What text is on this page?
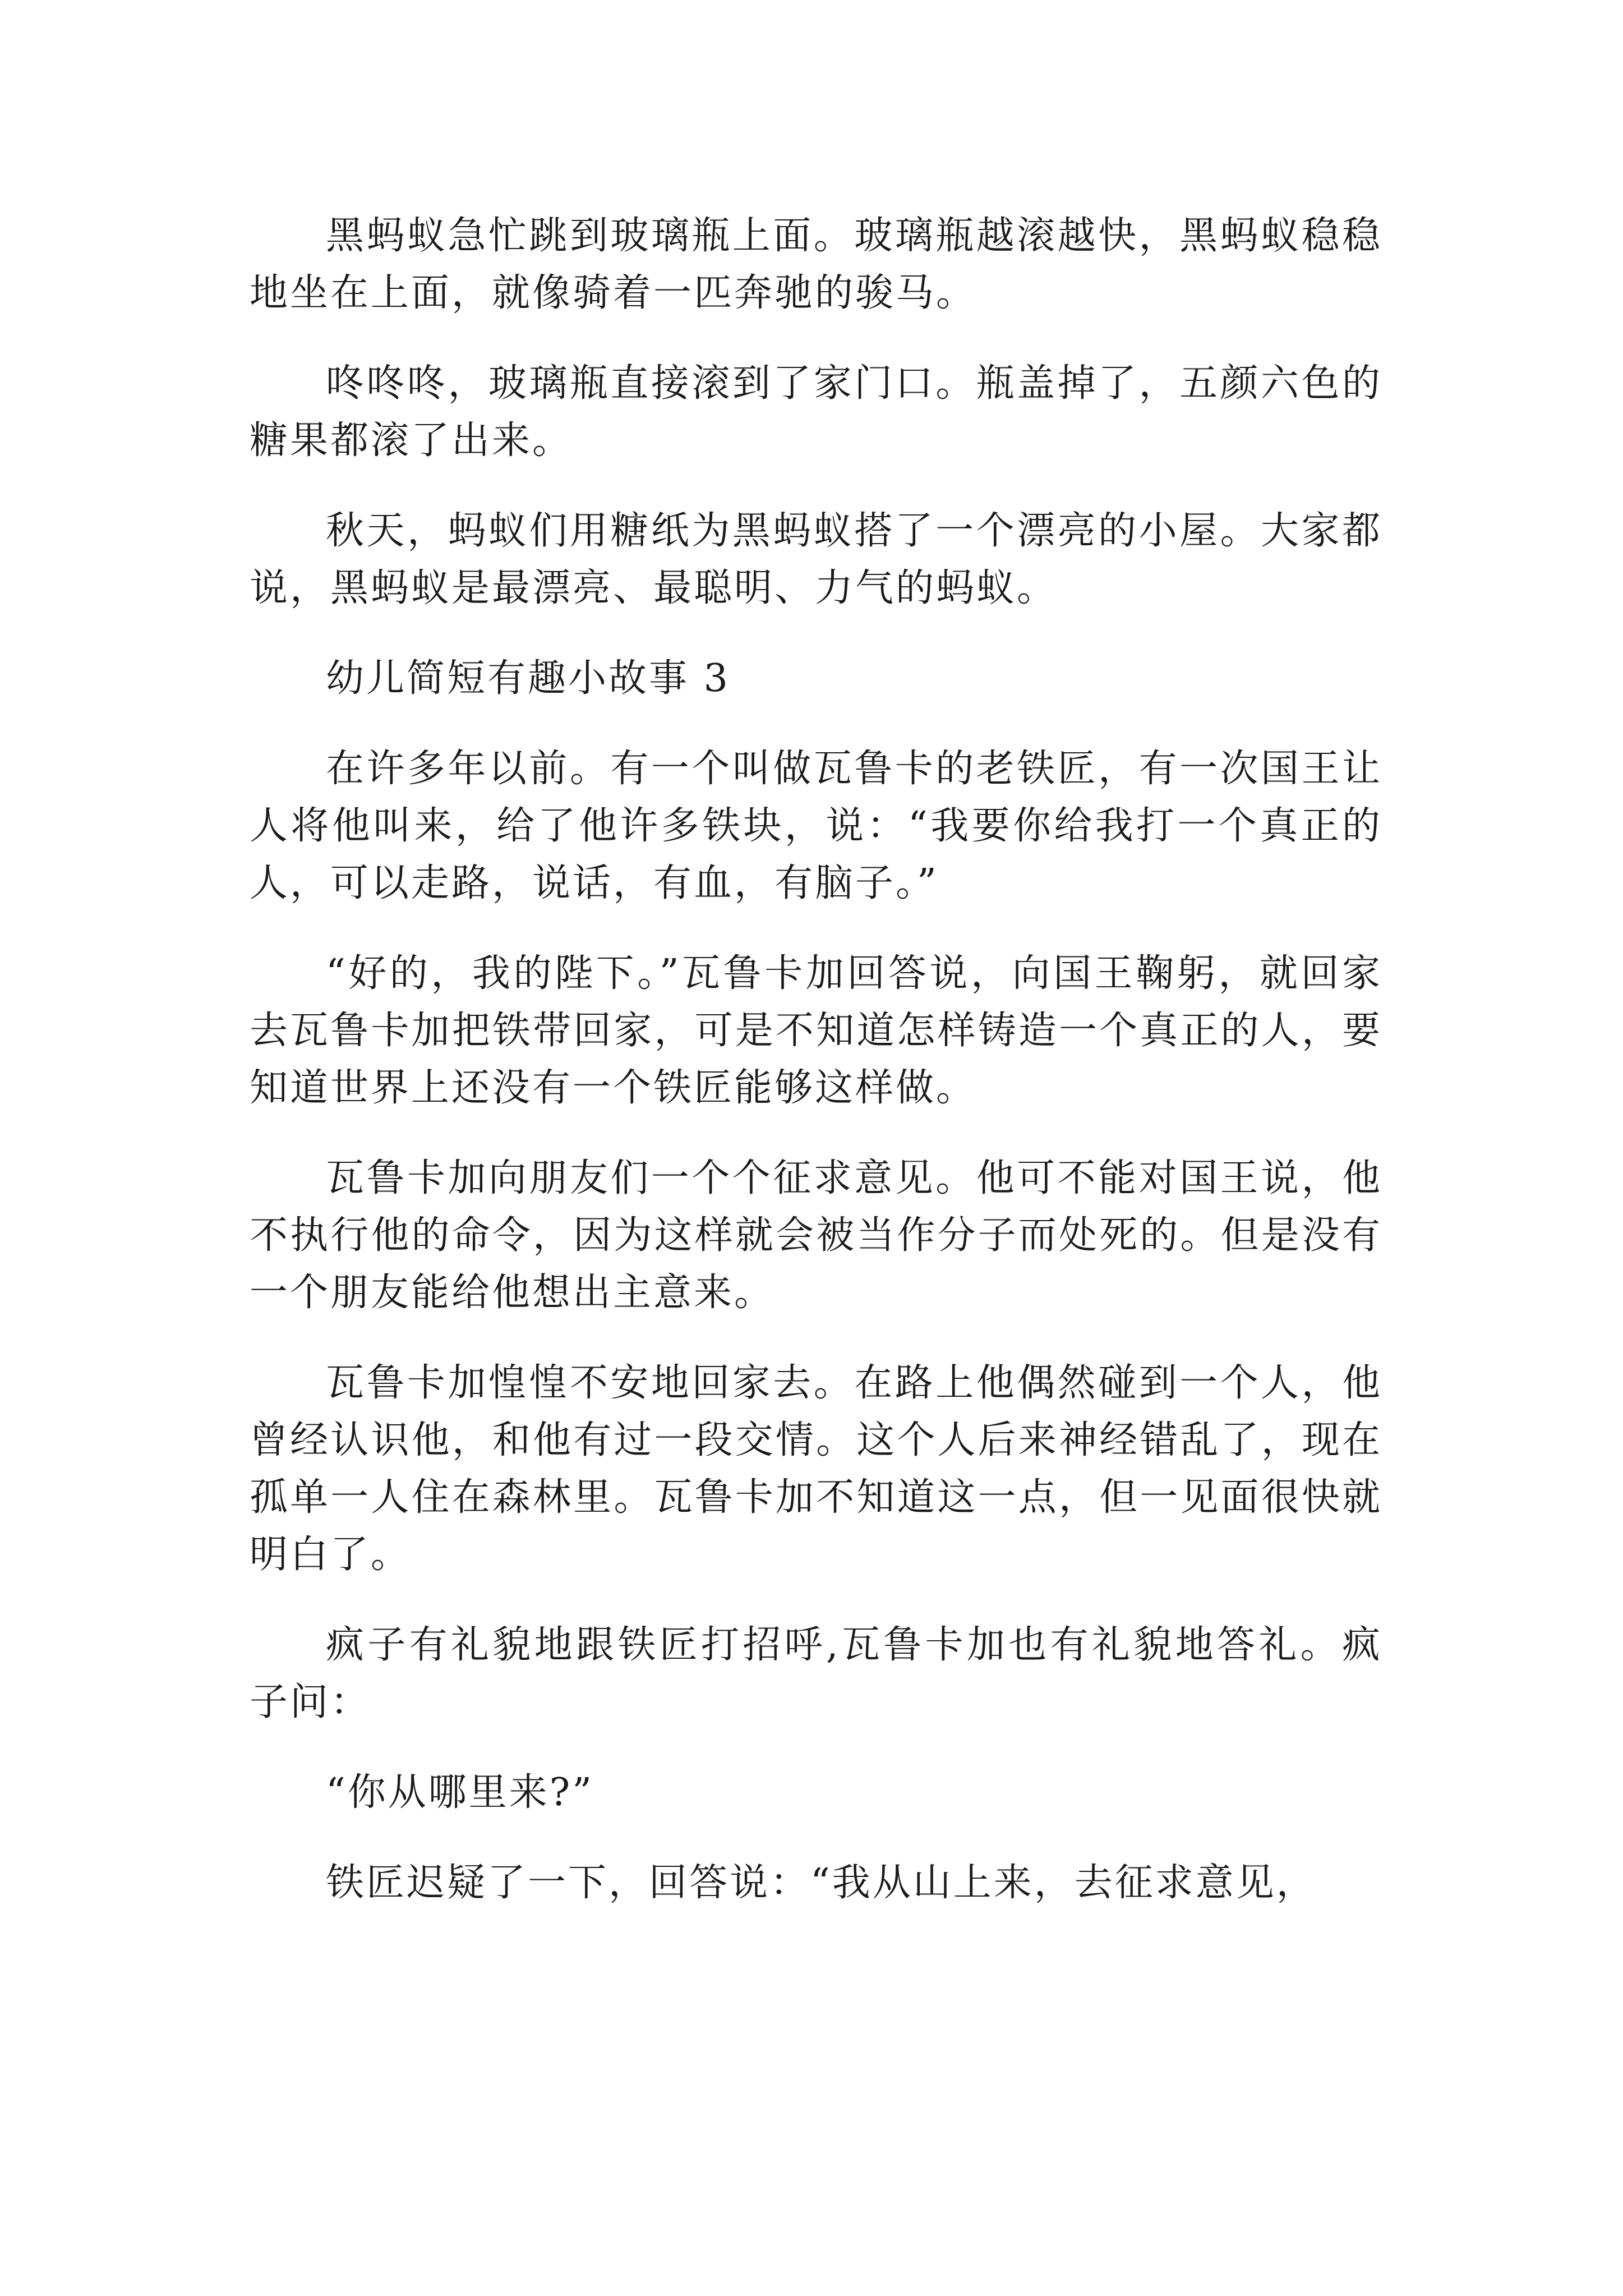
黑蚂蚁急忙跳到玻璃瓶上面。玻璃瓶越滚越快，黑蚂蚁稳稳地坐在上面，就像骑着一匹奔驰的骏马。

咚咚咚，玻璃瓶直接滚到了家门口。瓶盖掉了，五颜六色的糖果都滚了出来。

秋天，蚂蚁们用糖纸为黑蚂蚁搭了一个漂亮的小屋。大家都说，黑蚂蚁是最漂亮、最聪明、力气的蚂蚁。

幼儿简短有趣小故事 3

在许多年以前。有一个叫做瓦鲁卡的老铁匠，有一次国王让人将他叫来，给了他许多铁块，说：“我要你给我打一个真正的人，可以走路，说话，有血，有脑子。”

“好的，我的陛下。”瓦鲁卡加回答说，向国王鞠躬，就回家去瓦鲁卡加把铁带回家，可是不知道怎样铸造一个真正的人，要知道世界上还没有一个铁匠能够这样做。

瓦鲁卡加向朋友们一个个征求意见。他可不能对国王说，他不执行他的命令，因为这样就会被当作分子而处死的。但是没有一个朋友能给他想出主意来。

瓦鲁卡加惶惶不安地回家去。在路上他偶然碰到一个人，他曾经认识他，和他有过一段交情。这个人后来神经错乱了，现在孤单一人住在森林里。瓦鲁卡加不知道这一点，但一见面很快就明白了。

疯子有礼貌地跟铁匠打招呼,瓦鲁卡加也有礼貌地答礼。疯子问：

“你从哪里来?”

铁匠迟疑了一下，回答说：“我从山上来，去征求意见，
